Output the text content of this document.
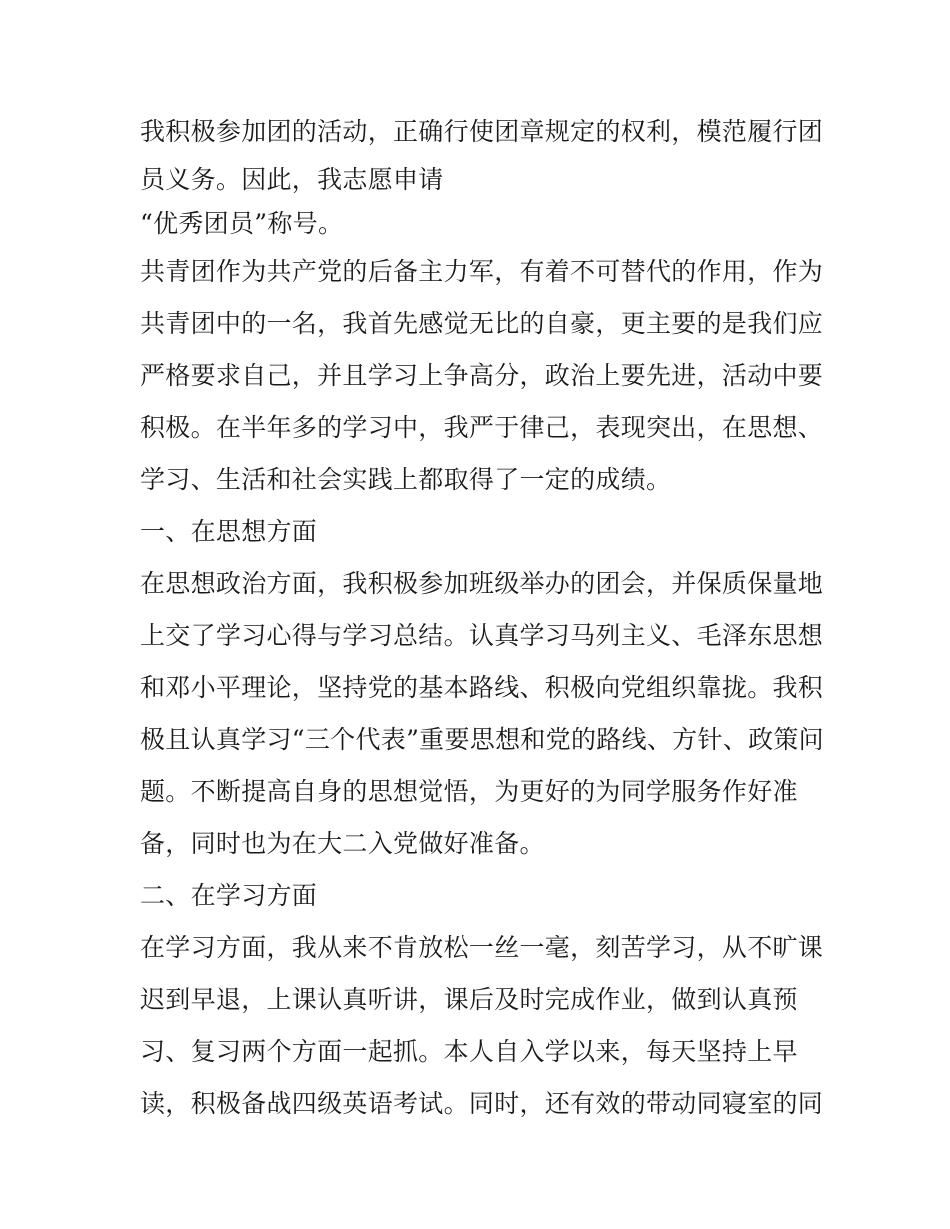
我积极参加团的活动，正确行使团章规定的权利，模范履行团
员义务。因此，我志愿申请
“优秀团员”称号。
共青团作为共产党的后备主力军，有着不可替代的作用，作为
共青团中的一名，我首先感觉无比的自豪，更主要的是我们应
严格要求自己，并且学习上争高分，政治上要先进，活动中要
积极。在半年多的学习中，我严于律己，表现突出，在思想、
学习、生活和社会实践上都取得了一定的成绩。
一、在思想方面
在思想政治方面，我积极参加班级举办的团会，并保质保量地
上交了学习心得与学习总结。认真学习马列主义、毛泽东思想
和邓小平理论，坚持党的基本路线、积极向党组织靠拢。我积
极且认真学习“三个代表”重要思想和党的路线、方针、政策问
题。不断提高自身的思想觉悟，为更好的为同学服务作好准
备，同时也为在大二入党做好准备。
二、在学习方面
在学习方面，我从来不肯放松一丝一毫，刻苦学习，从不旷课
迟到早退，上课认真听讲，课后及时完成作业，做到认真预
习、复习两个方面一起抓。本人自入学以来，每天坚持上早
读，积极备战四级英语考试。同时，还有效的带动同寝室的同
